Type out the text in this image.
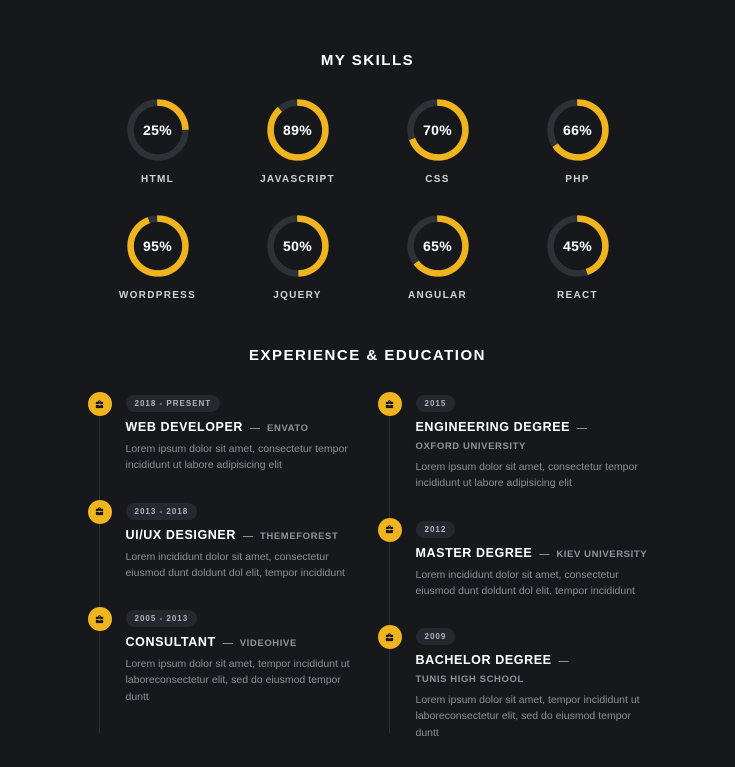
MY SKILLS
25%
HTML
89%
JAVASCRIPT
70%
CSS
66%
PHP
95%
WORDPRESS
50%
JQUERY
65%
ANGULAR
45%
REACT
EXPERIENCE & EDUCATION
2018 - PRESENT
WEB DEVELOPER — ENVATO

Lorem ipsum dolor sit amet, consectetur tempor incididunt ut labore adipisicing elit

2013 - 2018
UI/UX DESIGNER — THEMEFOREST

Lorem incididunt dolor sit amet, consectetur eiusmod dunt doldunt dol elit, tempor incididunt

2005 - 2013
CONSULTANT — VIDEOHIVE

Lorem ipsum dolor sit amet, tempor incididunt ut laboreconsectetur elit, sed do eiusmod tempor duntt

2015
ENGINEERING DEGREE —
OXFORD UNIVERSITY

Lorem ipsum dolor sit amet, consectetur tempor incididunt ut labore adipisicing elit

2012
MASTER DEGREE — KIEV UNIVERSITY

Lorem incididunt dolor sit amet, consectetur eiusmod dunt doldunt dol elit, tempor incididunt

2009
BACHELOR DEGREE —
TUNIS HIGH SCHOOL

Lorem ipsum dolor sit amet, tempor incididunt ut laboreconsectetur elit, sed do eiusmod tempor duntt
